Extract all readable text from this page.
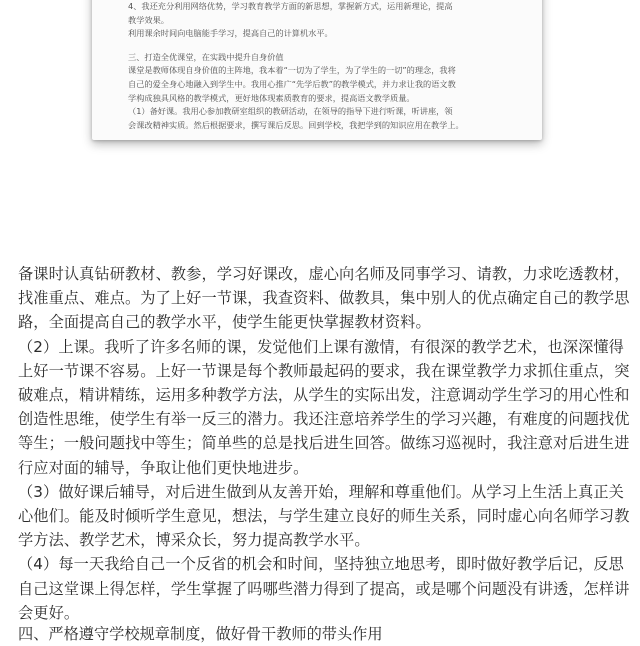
4、我还充分利用网络优势，学习教育教学方面的新思想，掌握新方式，运用新理论，提高
教学效果。
利用课余时间向电脑能手学习，提高自己的计算机水平。
三、打造全优课堂，在实践中提升自身价值
课堂是教师体现自身价值的主阵地，我本着“一切为了学生，为了学生的一切”的理念，我将
自己的爱全身心地融入到学生中。我用心推广“先学后教”的教学模式，并力求让我的语文教
学构成独具风格的教学模式，更好地体现素质教育的要求，提高语文教学质量。
（1）备好课。我用心参加教研室组织的教研活动，在领导的指导下进行听课，听讲座，领
会课改精神实质。然后根据要求，撰写课后反思。回到学校，我把学到的知识应用在教学上。

备课时认真钻研教材、教参，学习好课改，虚心向名师及同事学习、请教，力求吃透教材，
找准重点、难点。为了上好一节课，我查资料、做教具，集中别人的优点确定自己的教学思
路，全面提高自己的教学水平，使学生能更快掌握教材资料。

（2）上课。我听了许多名师的课，发觉他们上课有激情，有很深的教学艺术，也深深懂得
上好一节课不容易。上好一节课是每个教师最起码的要求，我在课堂教学力求抓住重点，突
破难点，精讲精练，运用多种教学方法，从学生的实际出发，注意调动学生学习的用心性和
创造性思维，使学生有举一反三的潜力。我还注意培养学生的学习兴趣，有难度的问题找优
等生；一般问题找中等生；简单些的总是找后进生回答。做练习巡视时，我注意对后进生进
行应对面的辅导，争取让他们更快地进步。

（3）做好课后辅导，对后进生做到从友善开始，理解和尊重他们。从学习上生活上真正关
心他们。能及时倾听学生意见，想法，与学生建立良好的师生关系，同时虚心向名师学习教
学方法、教学艺术，博采众长，努力提高教学水平。

（4）每一天我给自己一个反省的机会和时间，坚持独立地思考，即时做好教学后记，反思
自己这堂课上得怎样，学生掌握了吗哪些潜力得到了提高，或是哪个问题没有讲透，怎样讲
会更好。

四、严格遵守学校规章制度，做好骨干教师的带头作用
